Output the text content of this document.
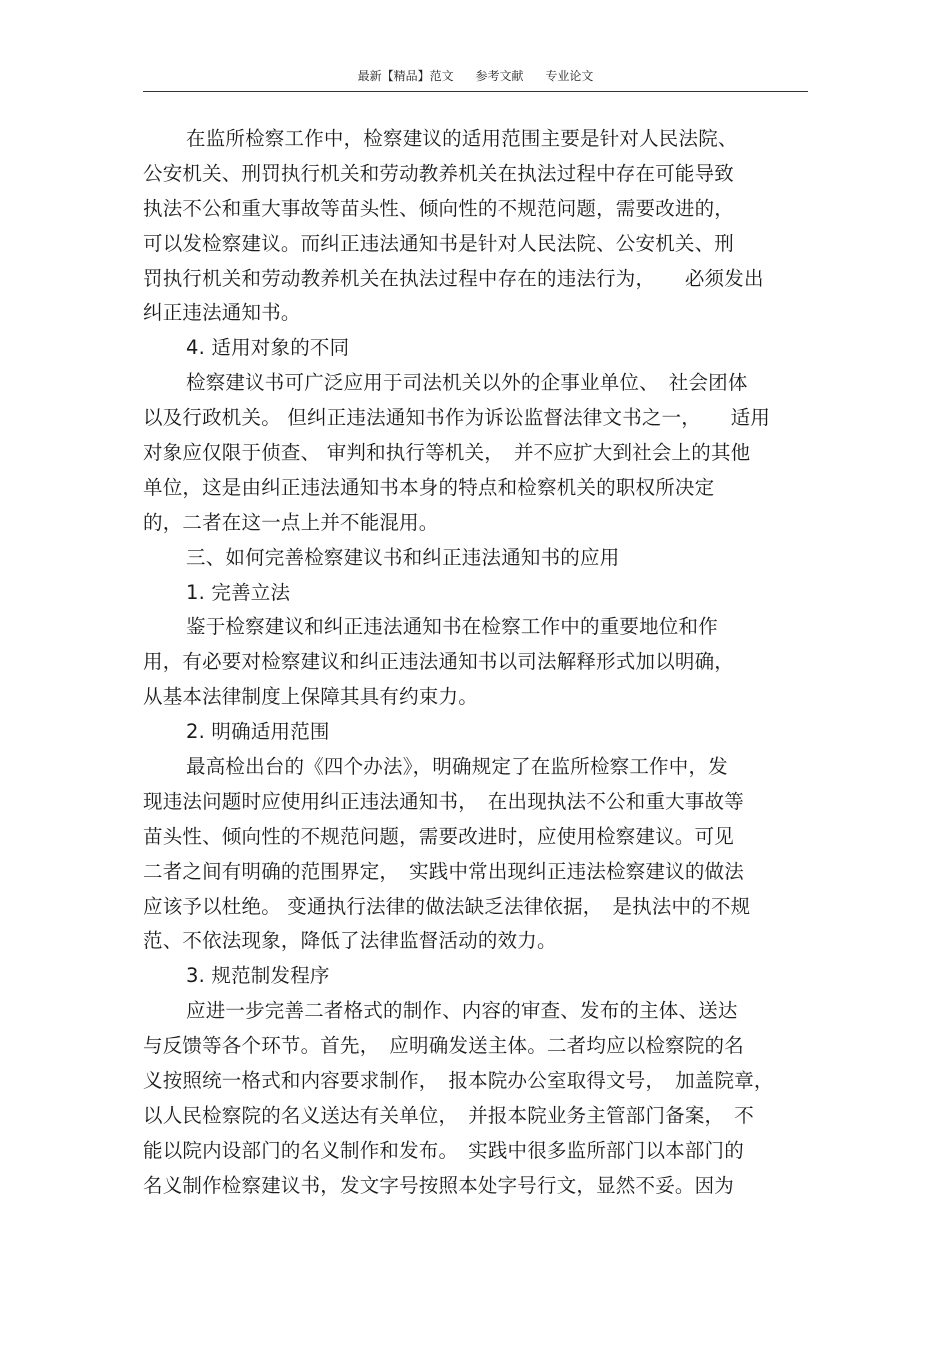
最新【精品】范文 参考文献 专业论文
在监所检察工作中，检察建议的适用范围主要是针对人民法院、
公安机关、刑罚执行机关和劳动教养机关在执法过程中存在可能导致
执法不公和重大事故等苗头性、倾向性的不规范问题，需要改进的，
可以发检察建议。而纠正违法通知书是针对人民法院、公安机关、刑
罚执行机关和劳动教养机关在执法过程中存在的违法行为，　　必须发出
纠正违法通知书。
4. 适用对象的不同
检察建议书可广泛应用于司法机关以外的企事业单位、　社会团体
以及行政机关。 但纠正违法通知书作为诉讼监督法律文书之一，　　适用
对象应仅限于侦查、 审判和执行等机关，　并不应扩大到社会上的其他
单位，这是由纠正违法通知书本身的特点和检察机关的职权所决定
的，二者在这一点上并不能混用。
三、如何完善检察建议书和纠正违法通知书的应用
1. 完善立法
鉴于检察建议和纠正违法通知书在检察工作中的重要地位和作
用，有必要对检察建议和纠正违法通知书以司法解释形式加以明确，
从基本法律制度上保障其具有约束力。
2. 明确适用范围
最高检出台的《四个办法》，明确规定了在监所检察工作中，发
现违法问题时应使用纠正违法通知书，　在出现执法不公和重大事故等
苗头性、倾向性的不规范问题，需要改进时，应使用检察建议。可见
二者之间有明确的范围界定，　实践中常出现纠正违法检察建议的做法
应该予以杜绝。 变通执行法律的做法缺乏法律依据，　是执法中的不规
范、不依法现象，降低了法律监督活动的效力。
3. 规范制发程序
应进一步完善二者格式的制作、内容的审查、发布的主体、送达
与反馈等各个环节。首先，　应明确发送主体。二者均应以检察院的名
义按照统一格式和内容要求制作，　报本院办公室取得文号，　加盖院章，
以人民检察院的名义送达有关单位，　并报本院业务主管部门备案，　不
能以院内设部门的名义制作和发布。　实践中很多监所部门以本部门的
名义制作检察建议书，发文字号按照本处字号行文，显然不妥。因为
